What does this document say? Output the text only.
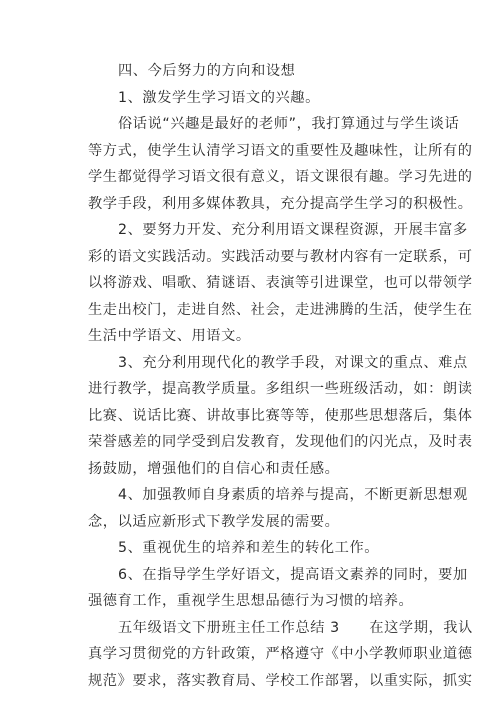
四、今后努力的方向和设想
1、激发学生学习语文的兴趣。
俗话说“兴趣是最好的老师”，我打算通过与学生谈话
等方式，使学生认清学习语文的重要性及趣味性，让所有的
学生都觉得学习语文很有意义，语文课很有趣。学习先进的
教学手段，利用多媒体教具，充分提高学生学习的积极性。
2、要努力开发、充分利用语文课程资源，开展丰富多
彩的语文实践活动。实践活动要与教材内容有一定联系，可
以将游戏、唱歌、猜谜语、表演等引进课堂，也可以带领学
生走出校门，走进自然、社会，走进沸腾的生活，使学生在
生活中学语文、用语文。
3、充分利用现代化的教学手段，对课文的重点、难点
进行教学，提高教学质量。多组织一些班级活动，如：朗读
比赛、说话比赛、讲故事比赛等等，使那些思想落后，集体
荣誉感差的同学受到启发教育，发现他们的闪光点，及时表
扬鼓励，增强他们的自信心和责任感。
4、加强教师自身素质的培养与提高，不断更新思想观
念，以适应新形式下教学发展的需要。
5、重视优生的培养和差生的转化工作。
6、在指导学生学好语文，提高语文素养的同时，要加
强德育工作，重视学生思想品德行为习惯的培养。
五年级语文下册班主任工作总结 3　　在这学期，我认
真学习贯彻党的方针政策，严格遵守《中小学教师职业道德
规范》要求，落实教育局、学校工作部署，以重实际，抓实
